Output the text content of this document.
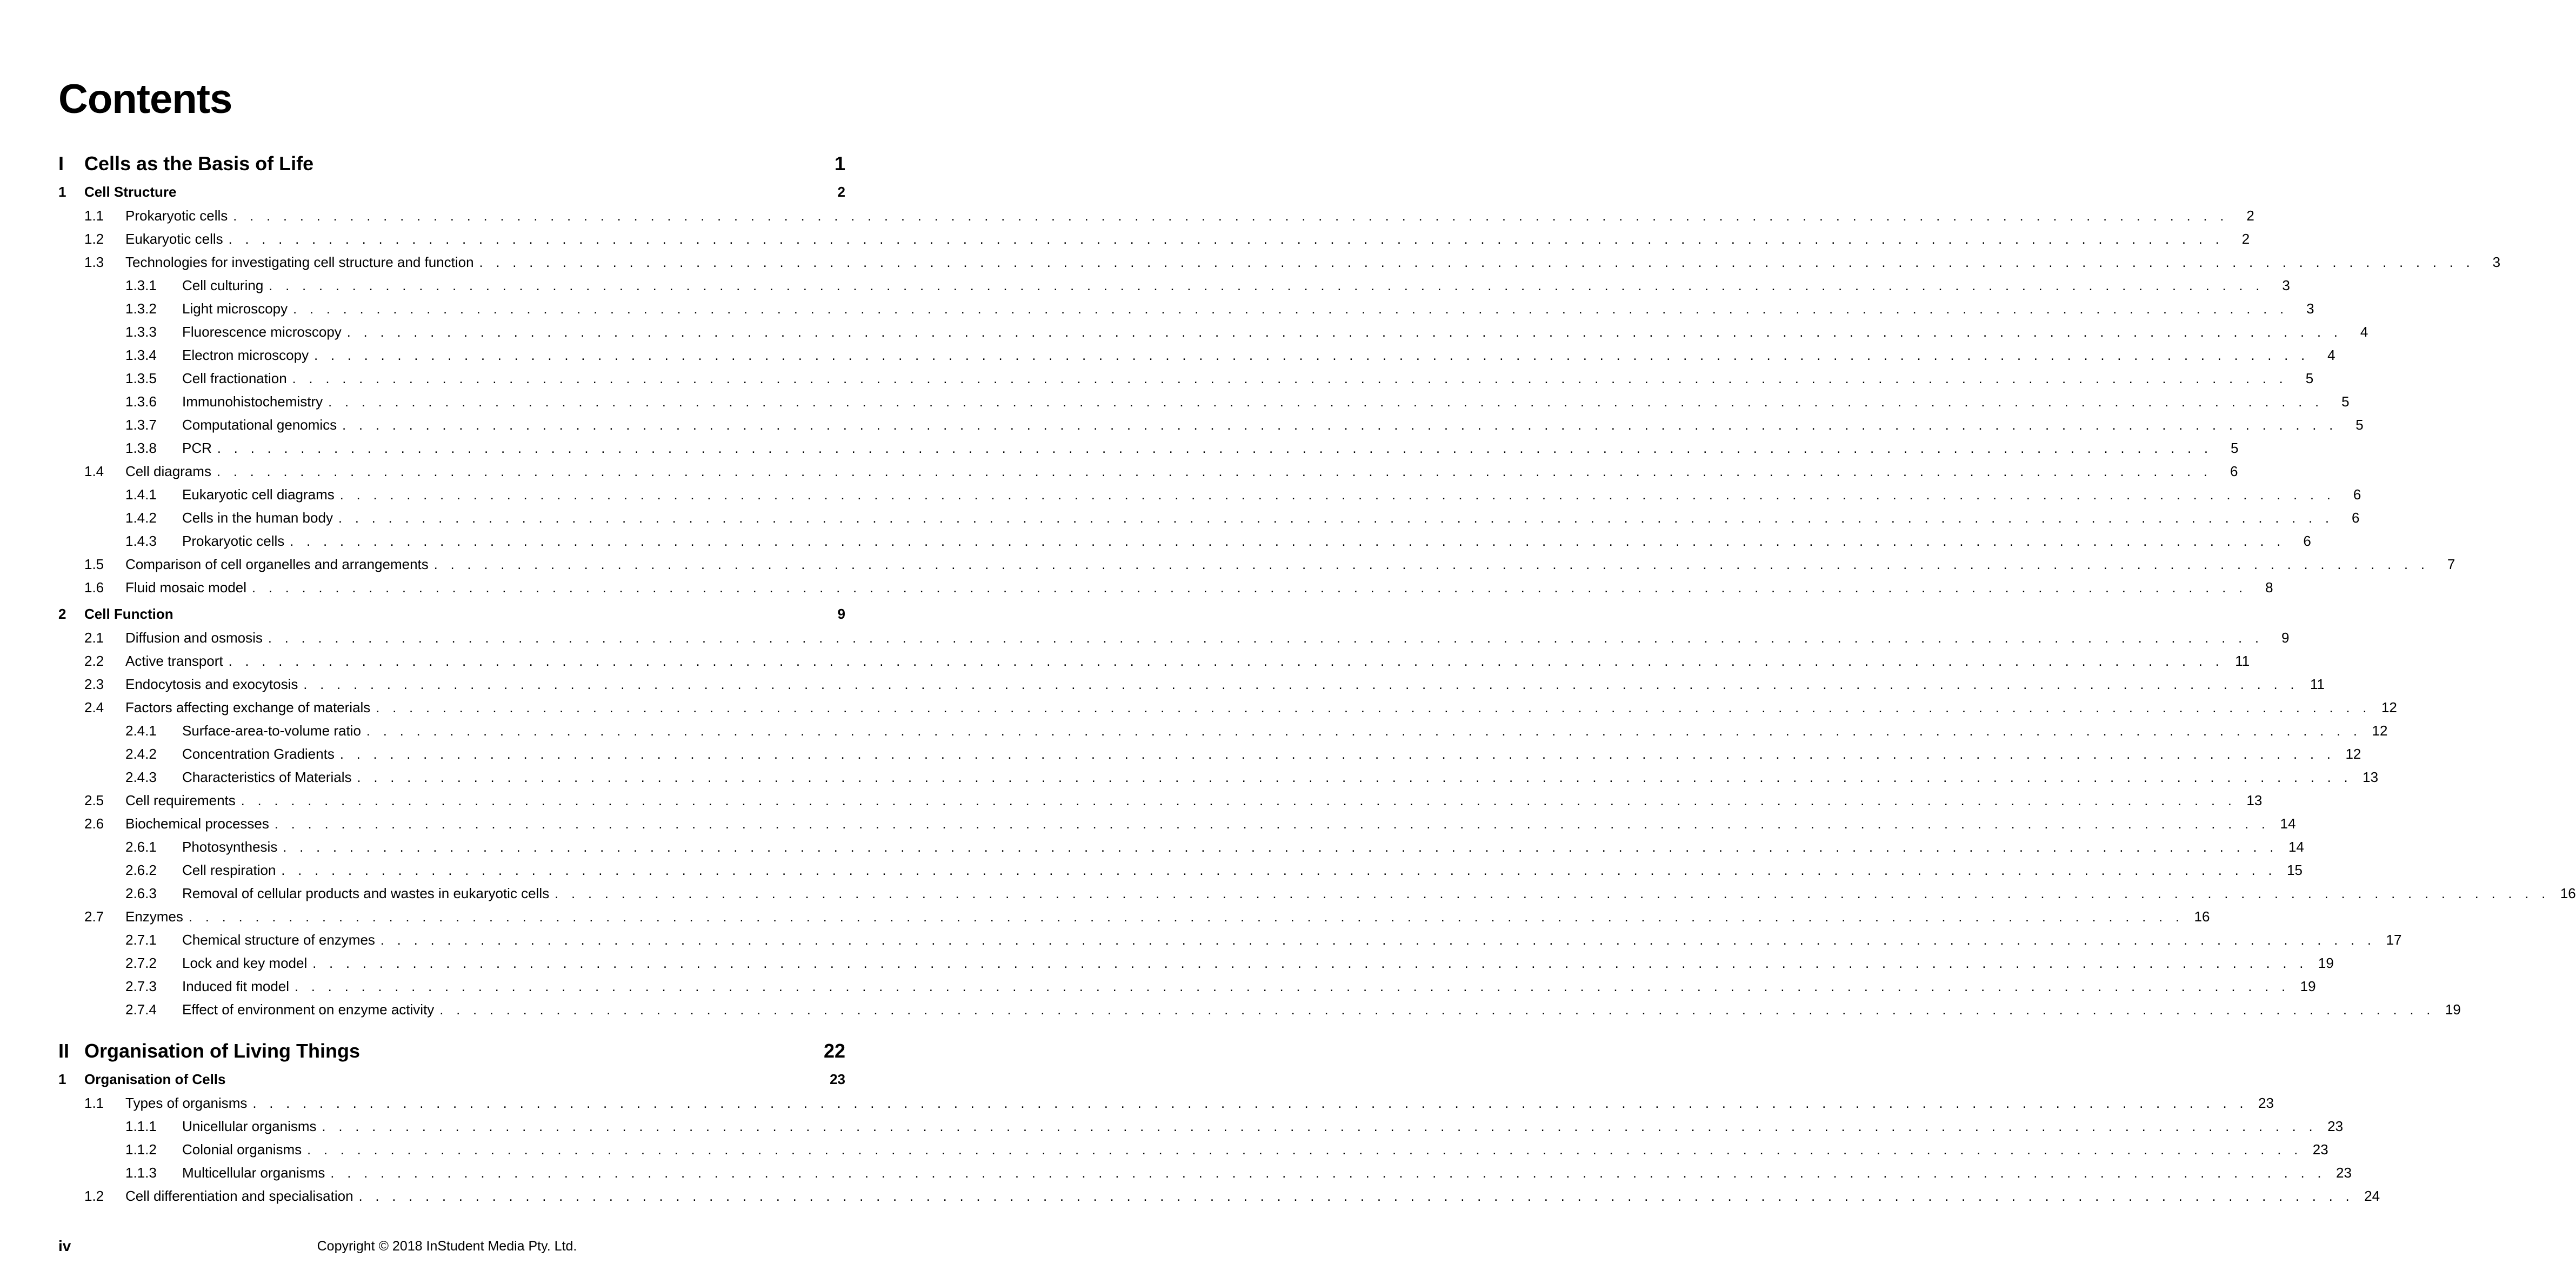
Contents
I	Cells as the Basis of Life	1
1	Cell Structure	2
1.1	Prokaryotic cells . . . . . . . . . . . . . . . . . . . . . . . . . . . . . . . . . . . . . . . . . . . . . . . . . . . . . . . . . . . . . . . . . . . . . . . . . . . . . . . . . . . . . . . . . . . . . . . . . . . . . . . . . . . . . . . . . . . . . . . .	2
1.2	Eukaryotic cells . . . . . . . . . . . . . . . . . . . . . . . . . . . . . . . . . . . . . . . . . . . . . . . . . . . . . . . . . . . . . . . . . . . . . . . . . . . . . . . . . . . . . . . . . . . . . . . . . . . . . . . . . . . . . . . . . . . . . . . .	2
1.3	Technologies for investigating cell structure and function . . . . . . . . . . . . . . . . . . . . . . . . . . . . . . . . . . . . . . . . . . . . . . . . . . . . . . . . . . . . . . . . . . . . . . . . . . . . . . . . . . . . . . . . . . . . . . . . . . . . . . . . . . . . . . . . . . . . . . . .	3
1.3.1	Cell culturing . . . . . . . . . . . . . . . . . . . . . . . . . . . . . . . . . . . . . . . . . . . . . . . . . . . . . . . . . . . . . . . . . . . . . . . . . . . . . . . . . . . . . . . . . . . . . . . . . . . . . . . . . . . . . . . . . . . . . . . .	3
1.3.2	Light microscopy . . . . . . . . . . . . . . . . . . . . . . . . . . . . . . . . . . . . . . . . . . . . . . . . . . . . . . . . . . . . . . . . . . . . . . . . . . . . . . . . . . . . . . . . . . . . . . . . . . . . . . . . . . . . . . . . . . . . . . . .	3
1.3.3	Fluorescence microscopy . . . . . . . . . . . . . . . . . . . . . . . . . . . . . . . . . . . . . . . . . . . . . . . . . . . . . . . . . . . . . . . . . . . . . . . . . . . . . . . . . . . . . . . . . . . . . . . . . . . . . . . . . . . . . . . . . . . . . . . .	4
1.3.4	Electron microscopy . . . . . . . . . . . . . . . . . . . . . . . . . . . . . . . . . . . . . . . . . . . . . . . . . . . . . . . . . . . . . . . . . . . . . . . . . . . . . . . . . . . . . . . . . . . . . . . . . . . . . . . . . . . . . . . . . . . . . . . .	4
1.3.5	Cell fractionation . . . . . . . . . . . . . . . . . . . . . . . . . . . . . . . . . . . . . . . . . . . . . . . . . . . . . . . . . . . . . . . . . . . . . . . . . . . . . . . . . . . . . . . . . . . . . . . . . . . . . . . . . . . . . . . . . . . . . . . .	5
1.3.6	Immunohistochemistry . . . . . . . . . . . . . . . . . . . . . . . . . . . . . . . . . . . . . . . . . . . . . . . . . . . . . . . . . . . . . . . . . . . . . . . . . . . . . . . . . . . . . . . . . . . . . . . . . . . . . . . . . . . . . . . . . . . . . . . .	5
1.3.7	Computational genomics . . . . . . . . . . . . . . . . . . . . . . . . . . . . . . . . . . . . . . . . . . . . . . . . . . . . . . . . . . . . . . . . . . . . . . . . . . . . . . . . . . . . . . . . . . . . . . . . . . . . . . . . . . . . . . . . . . . . . . . .	5
1.3.8	PCR . . . . . . . . . . . . . . . . . . . . . . . . . . . . . . . . . . . . . . . . . . . . . . . . . . . . . . . . . . . . . . . . . . . . . . . . . . . . . . . . . . . . . . . . . . . . . . . . . . . . . . . . . . . . . . . . . . . . . . . .	5
1.4	Cell diagrams . . . . . . . . . . . . . . . . . . . . . . . . . . . . . . . . . . . . . . . . . . . . . . . . . . . . . . . . . . . . . . . . . . . . . . . . . . . . . . . . . . . . . . . . . . . . . . . . . . . . . . . . . . . . . . . . . . . . . . . .	6
1.4.1	Eukaryotic cell diagrams . . . . . . . . . . . . . . . . . . . . . . . . . . . . . . . . . . . . . . . . . . . . . . . . . . . . . . . . . . . . . . . . . . . . . . . . . . . . . . . . . . . . . . . . . . . . . . . . . . . . . . . . . . . . . . . . . . . . . . . .	6
1.4.2	Cells in the human body . . . . . . . . . . . . . . . . . . . . . . . . . . . . . . . . . . . . . . . . . . . . . . . . . . . . . . . . . . . . . . . . . . . . . . . . . . . . . . . . . . . . . . . . . . . . . . . . . . . . . . . . . . . . . . . . . . . . . . . .	6
1.4.3	Prokaryotic cells . . . . . . . . . . . . . . . . . . . . . . . . . . . . . . . . . . . . . . . . . . . . . . . . . . . . . . . . . . . . . . . . . . . . . . . . . . . . . . . . . . . . . . . . . . . . . . . . . . . . . . . . . . . . . . . . . . . . . . . .	6
1.5	Comparison of cell organelles and arrangements . . . . . . . . . . . . . . . . . . . . . . . . . . . . . . . . . . . . . . . . . . . . . . . . . . . . . . . . . . . . . . . . . . . . . . . . . . . . . . . . . . . . . . . . . . . . . . . . . . . . . . . . . . . . . . . . . . . . . . . .	7
1.6	Fluid mosaic model . . . . . . . . . . . . . . . . . . . . . . . . . . . . . . . . . . . . . . . . . . . . . . . . . . . . . . . . . . . . . . . . . . . . . . . . . . . . . . . . . . . . . . . . . . . . . . . . . . . . . . . . . . . . . . . . . . . . . . . .	8
2	Cell Function	9
2.1	Diffusion and osmosis . . . . . . . . . . . . . . . . . . . . . . . . . . . . . . . . . . . . . . . . . . . . . . . . . . . . . . . . . . . . . . . . . . . . . . . . . . . . . . . . . . . . . . . . . . . . . . . . . . . . . . . . . . . . . . . . . . . . . . . .	9
2.2	Active transport . . . . . . . . . . . . . . . . . . . . . . . . . . . . . . . . . . . . . . . . . . . . . . . . . . . . . . . . . . . . . . . . . . . . . . . . . . . . . . . . . . . . . . . . . . . . . . . . . . . . . . . . . . . . . . . . . . . . . . . . 11
2.3	Endocytosis and exocytosis . . . . . . . . . . . . . . . . . . . . . . . . . . . . . . . . . . . . . . . . . . . . . . . . . . . . . . . . . . . . . . . . . . . . . . . . . . . . . . . . . . . . . . . . . . . . . . . . . . . . . . . . . . . . . . . . . . . . . . . . 11
2.4	Factors affecting exchange of materials . . . . . . . . . . . . . . . . . . . . . . . . . . . . . . . . . . . . . . . . . . . . . . . . . . . . . . . . . . . . . . . . . . . . . . . . . . . . . . . . . . . . . . . . . . . . . . . . . . . . . . . . . . . . . . . . . . . . . . . . 12
2.4.1	Surface-area-to-volume ratio . . . . . . . . . . . . . . . . . . . . . . . . . . . . . . . . . . . . . . . . . . . . . . . . . . . . . . . . . . . . . . . . . . . . . . . . . . . . . . . . . . . . . . . . . . . . . . . . . . . . . . . . . . . . . . . . . . . . . . . . 12
2.4.2	Concentration Gradients . . . . . . . . . . . . . . . . . . . . . . . . . . . . . . . . . . . . . . . . . . . . . . . . . . . . . . . . . . . . . . . . . . . . . . . . . . . . . . . . . . . . . . . . . . . . . . . . . . . . . . . . . . . . . . . . . . . . . . . . 12
2.4.3	Characteristics of Materials . . . . . . . . . . . . . . . . . . . . . . . . . . . . . . . . . . . . . . . . . . . . . . . . . . . . . . . . . . . . . . . . . . . . . . . . . . . . . . . . . . . . . . . . . . . . . . . . . . . . . . . . . . . . . . . . . . . . . . . . 13
2.5	Cell requirements . . . . . . . . . . . . . . . . . . . . . . . . . . . . . . . . . . . . . . . . . . . . . . . . . . . . . . . . . . . . . . . . . . . . . . . . . . . . . . . . . . . . . . . . . . . . . . . . . . . . . . . . . . . . . . . . . . . . . . . . 13
2.6	Biochemical processes . . . . . . . . . . . . . . . . . . . . . . . . . . . . . . . . . . . . . . . . . . . . . . . . . . . . . . . . . . . . . . . . . . . . . . . . . . . . . . . . . . . . . . . . . . . . . . . . . . . . . . . . . . . . . . . . . . . . . . . . 14
2.6.1	Photosynthesis . . . . . . . . . . . . . . . . . . . . . . . . . . . . . . . . . . . . . . . . . . . . . . . . . . . . . . . . . . . . . . . . . . . . . . . . . . . . . . . . . . . . . . . . . . . . . . . . . . . . . . . . . . . . . . . . . . . . . . . . 14
2.6.2	Cell respiration . . . . . . . . . . . . . . . . . . . . . . . . . . . . . . . . . . . . . . . . . . . . . . . . . . . . . . . . . . . . . . . . . . . . . . . . . . . . . . . . . . . . . . . . . . . . . . . . . . . . . . . . . . . . . . . . . . . . . . . . 15
2.6.3	Removal of cellular products and wastes in eukaryotic cells . . . . . . . . . . . . . . . . . . . . . . . . . . . . . . . . . . . . . . . . . . . . . . . . . . . . . . . . . . . . . . . . . . . . . . . . . . . . . . . . . . . . . . . . . . . . . . . . . . . . . . . . . . . . . . . . . . . . . . . . 16
2.7	Enzymes . . . . . . . . . . . . . . . . . . . . . . . . . . . . . . . . . . . . . . . . . . . . . . . . . . . . . . . . . . . . . . . . . . . . . . . . . . . . . . . . . . . . . . . . . . . . . . . . . . . . . . . . . . . . . . . . . . . . . . . . 16
2.7.1	Chemical structure of enzymes . . . . . . . . . . . . . . . . . . . . . . . . . . . . . . . . . . . . . . . . . . . . . . . . . . . . . . . . . . . . . . . . . . . . . . . . . . . . . . . . . . . . . . . . . . . . . . . . . . . . . . . . . . . . . . . . . . . . . . . . 17
2.7.2	Lock and key model . . . . . . . . . . . . . . . . . . . . . . . . . . . . . . . . . . . . . . . . . . . . . . . . . . . . . . . . . . . . . . . . . . . . . . . . . . . . . . . . . . . . . . . . . . . . . . . . . . . . . . . . . . . . . . . . . . . . . . . . 19
2.7.3	Induced fit model . . . . . . . . . . . . . . . . . . . . . . . . . . . . . . . . . . . . . . . . . . . . . . . . . . . . . . . . . . . . . . . . . . . . . . . . . . . . . . . . . . . . . . . . . . . . . . . . . . . . . . . . . . . . . . . . . . . . . . . . 19
2.7.4	Effect of environment on enzyme activity . . . . . . . . . . . . . . . . . . . . . . . . . . . . . . . . . . . . . . . . . . . . . . . . . . . . . . . . . . . . . . . . . . . . . . . . . . . . . . . . . . . . . . . . . . . . . . . . . . . . . . . . . . . . . . . . . . . . . . . . 19
II Organisation of Living Things	22
1	Organisation of Cells	23
1.1	Types of organisms . . . . . . . . . . . . . . . . . . . . . . . . . . . . . . . . . . . . . . . . . . . . . . . . . . . . . . . . . . . . . . . . . . . . . . . . . . . . . . . . . . . . . . . . . . . . . . . . . . . . . . . . . . . . . . . . . . . . . . . . 23
1.1.1	Unicellular organisms . . . . . . . . . . . . . . . . . . . . . . . . . . . . . . . . . . . . . . . . . . . . . . . . . . . . . . . . . . . . . . . . . . . . . . . . . . . . . . . . . . . . . . . . . . . . . . . . . . . . . . . . . . . . . . . . . . . . . . . . 23
1.1.2	Colonial organisms . . . . . . . . . . . . . . . . . . . . . . . . . . . . . . . . . . . . . . . . . . . . . . . . . . . . . . . . . . . . . . . . . . . . . . . . . . . . . . . . . . . . . . . . . . . . . . . . . . . . . . . . . . . . . . . . . . . . . . . . 23
1.1.3	Multicellular organisms . . . . . . . . . . . . . . . . . . . . . . . . . . . . . . . . . . . . . . . . . . . . . . . . . . . . . . . . . . . . . . . . . . . . . . . . . . . . . . . . . . . . . . . . . . . . . . . . . . . . . . . . . . . . . . . . . . . . . . . . 23
1.2	Cell differentiation and specialisation . . . . . . . . . . . . . . . . . . . . . . . . . . . . . . . . . . . . . . . . . . . . . . . . . . . . . . . . . . . . . . . . . . . . . . . . . . . . . . . . . . . . . . . . . . . . . . . . . . . . . . . . . . . . . . . . . . . . . . . . 24
iv	Copyright © 2018 InStudent Media Pty. Ltd.
